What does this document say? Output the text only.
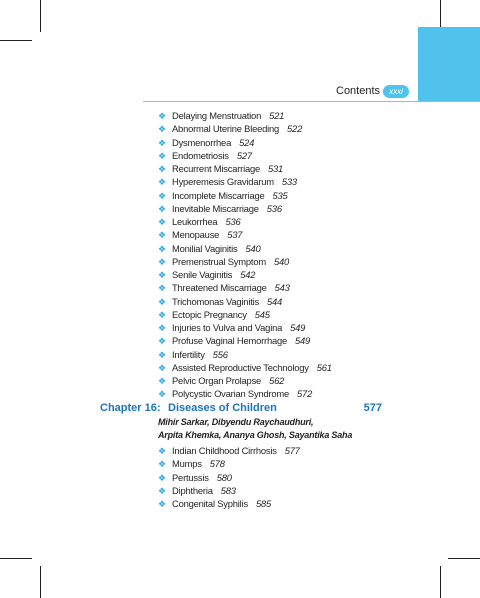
Contents	xxxi
❖ Delaying Menstruation 521
❖ Abnormal Uterine Bleeding 522
❖ Dysmenorrhea 524
❖ Endometriosis 527
❖ Recurrent Miscarriage 531
❖ Hyperemesis Gravidarum 533
❖ Incomplete Miscarriage 535
❖ Inevitable Miscarriage 536
❖ Leukorrhea 536
❖ Menopause 537
❖ Monilial Vaginitis 540
❖ Premenstrual Symptom 540
❖ Senile Vaginitis 542
❖ Threatened Miscarriage 543
❖ Trichomonas Vaginitis 544
❖ Ectopic Pregnancy 545
❖ Injuries to Vulva and Vagina 549
❖ Profuse Vaginal Hemorrhage 549
❖ Infertility 556
❖ Assisted Reproductive Technology 561
❖ Pelvic Organ Prolapse 562
❖ Polycystic Ovarian Syndrome 572
Chapter 16: Diseases of Children	577
Mihir Sarkar, Dibyendu Raychaudhuri,
Arpita Khemka, Ananya Ghosh, Sayantika Saha
❖ Indian Childhood Cirrhosis 577
❖ Mumps 578
❖ Pertussis 580
❖ Diphtheria 583
❖ Congenital Syphilis 585
